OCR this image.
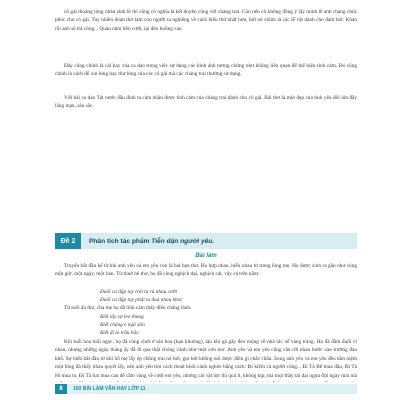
cô gái thoáng lòng nhân sinh lề thì cũng có nghĩa là kết duyên cùng với chàng trai. Còn nếu cô không đồng ý lấy mình lề anh chàng chúc phúc cho cô gái. Tuy nhiên đoạn thơ làm con người ta nghiêng về cách hiểu thứ nhất hơn, bởi nó chính là các lễ vật dành cho đám hỏi: Khảo rồi anh sẽ trả công... Quan năm tiền cưới, lại đèo buồng cau.

Đây cũng chính là cái hay của ca dao trong việc sử dụng các hình ảnh tương chừng như không liên quan để thể hiện tình cảm. Đó cũng chính là cách để xin lòng hay thư lòng của các cô gái mà các chàng trai thường sử dụng.

Với bài ca dao Tát nước đầu đình ta cảm nhận được tình cảm của chàng trai dành cho cô gái. Bài thơ là một đẹp của tình yêu đôi lứa đầy lãng mạn, sâu sắc.

Đề 2	Phân tích tác phẩm Tiễn dặn người yêu.
Bài làm

Truyện bắt đầu kể từ khi anh yêu và em yêu còn là hai bạn thơ. Họ hợp nhau, hiểu nhau từ trong lòng mẹ. Họ được sinh ra gần như cùng một giờ, một ngày, một bản. Từ thuở bé thơ, họ đã cùng nghịch dại, nghịch cát, vây cá trên nắm:

Đuổi cá đặp tay trái ta rủ nhau cười
Đuổi cá đặp tay phải ta đua nhau khóc

Từ tuổi ấu thơ, cha mẹ họ đã linh cảm thấy điều chẳng lành.

Biết lấy sợ leo thang
Biết chẳng e ngã xăn
Biết đi lo trẫu hắc.

Khi tuổi hoa tuổi ngọc, họ đã cùng chơi ở sân hoa (hạn khuông), tận khi gã gây đeo mộng về nhà lúc xế vàng tràng. Họ đã đằm đuối vì nhau, nhưng những ngày tháng ấy đã đi qua thật chóng vánh như một cơn mơ. Anh yêu và em yêu cũng cần rời nhau bước vào trường đau khổ. Sự biến bắt đầu từ khi bố mẹ lấy ép chồng trai nó bởi, gọi bởi không nói được điều gì chắc chắn. Song anh yêu và em yêu đều tâm niệm một lòng đã thấy nhau quyết lấy, nên anh yêu tìm cách thoát khỏi cảnh nghèo bằng cách: Đi kiếm cả người công... Đi Tả Bế mua dầu, Đi Tả Hi mua to, Đi Tả Sai mua cau để cầm vàng về cưới em yêu, nhưng cái vật lực thì quá ít, không kịp, mà mọi thầy tài đại ngựa đợi ngày mai mà

8	100 BÀI LÀM VĂN HAY LỚP 11
